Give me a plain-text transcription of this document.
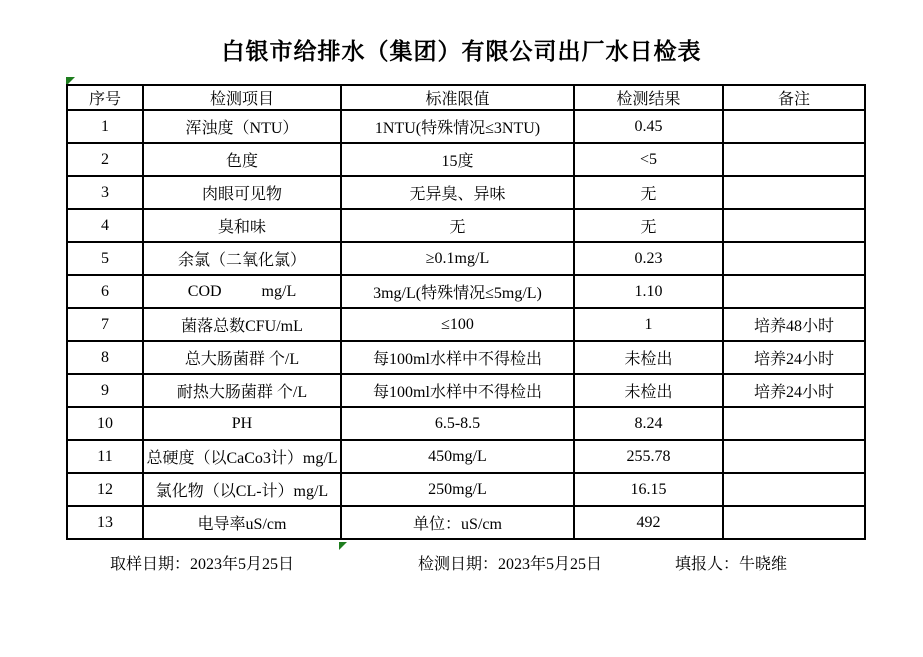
白银市给排水（集团）有限公司出厂水日检表
序号	检测项目	标准限值	检测结果	备注
1	浑浊度（NTU）	1NTU(特殊情况≤3NTU)	0.45	
2	色度	15度	<5	
3	肉眼可见物	无异臭、异味	无	
4	臭和味	无	无	
5	余氯（二氧化氯）	≥0.1mg/L	0.23	
6	COD          mg/L	3mg/L(特殊情况≤5mg/L)	1.10	
7	菌落总数CFU/mL	≤100	1	培养48小时
8	总大肠菌群 个/L	每100ml水样中不得检出	未检出	培养24小时
9	耐热大肠菌群 个/L	每100ml水样中不得检出	未检出	培养24小时
10	PH	6.5-8.5	8.24	
11	总硬度（以CaCo3计）mg/L	450mg/L	255.78	
12	氯化物（以CL-计）mg/L	250mg/L	16.15	
13	电导率uS/cm	单位：uS/cm	492	
取样日期：2023年5月25日	检测日期：2023年5月25日	填报人：牛晓维
